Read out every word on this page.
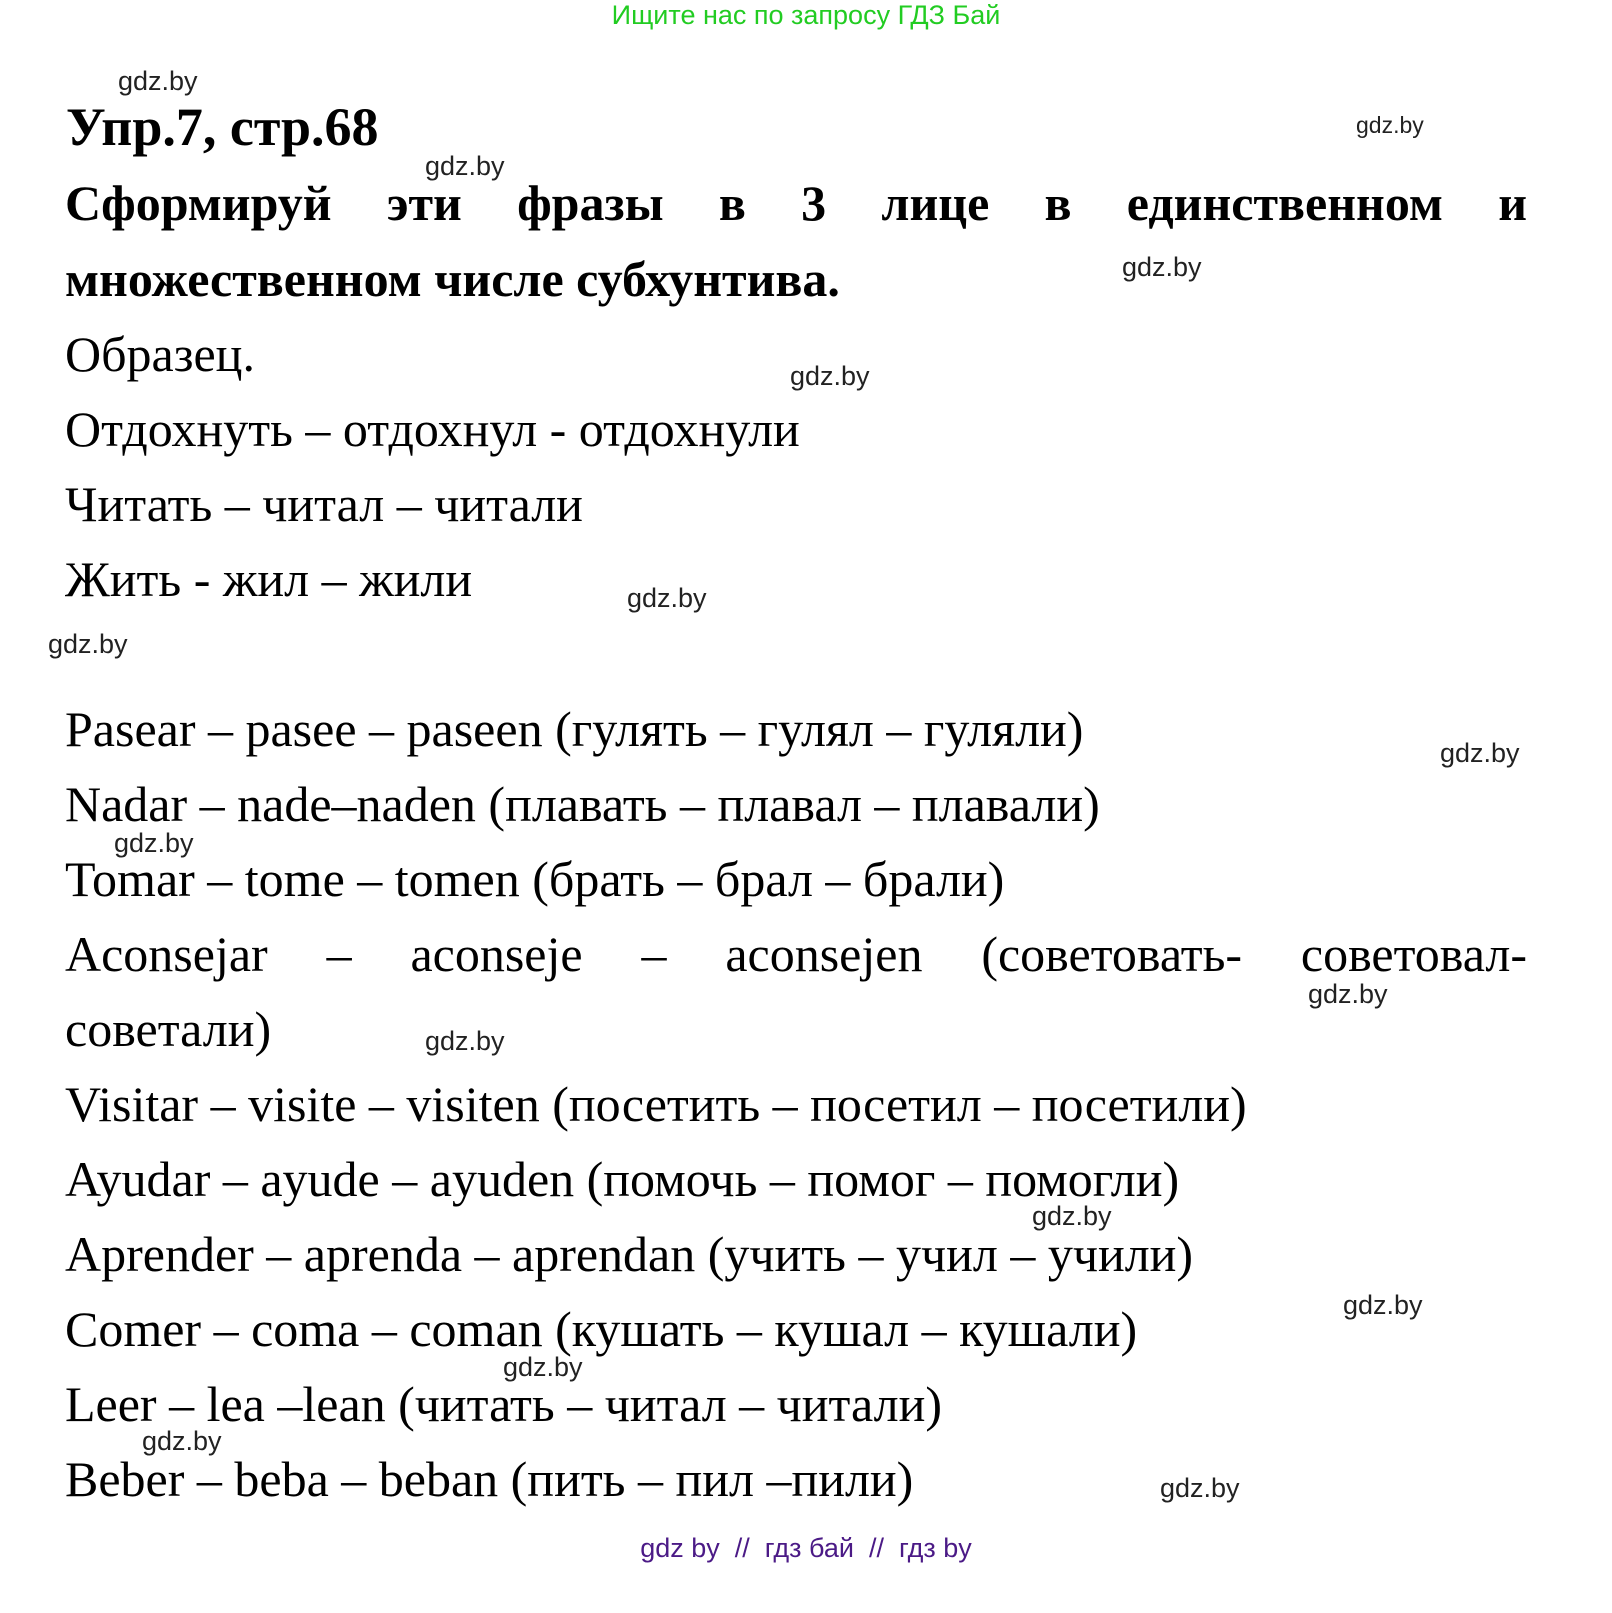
Ищите нас по запросу ГДЗ Бай
Упр.7, стр.68
Сформируй эти фразы в 3 лице в единственном и
множественном числе субхунтива.
Образец.
Отдохнуть – отдохнул - отдохнули
Читать – читал – читали
Жить - жил – жили
Pasear – pasee – paseen (гулять – гулял – гуляли)
Nadar – nade–naden (плавать – плавал – плавали)
Tomar – tome – tomen (брать – брал – брали)
Aconsejar – aconseje – aconsejen (советовать- советовал-
советали)
Visitar – visite – visiten (посетить – посетил – посетили)
Ayudar – ayude – ayuden (помочь – помог – помогли)
Aprender – aprenda – aprendan (учить – учил – учили)
Comer – coma – coman (кушать – кушал – кушали)
Leer – lea –lean (читать – читал – читали)
Beber – beba – beban (пить – пил –пили)
gdz.by
gdz.by
gdz.by
gdz.by
gdz.by
gdz.by
gdz.by
gdz.by
gdz.by
gdz.by
gdz.by
gdz.by
gdz.by
gdz.by
gdz.by
gdz.by
gdz by  //  гдз бай  //  гдз by
